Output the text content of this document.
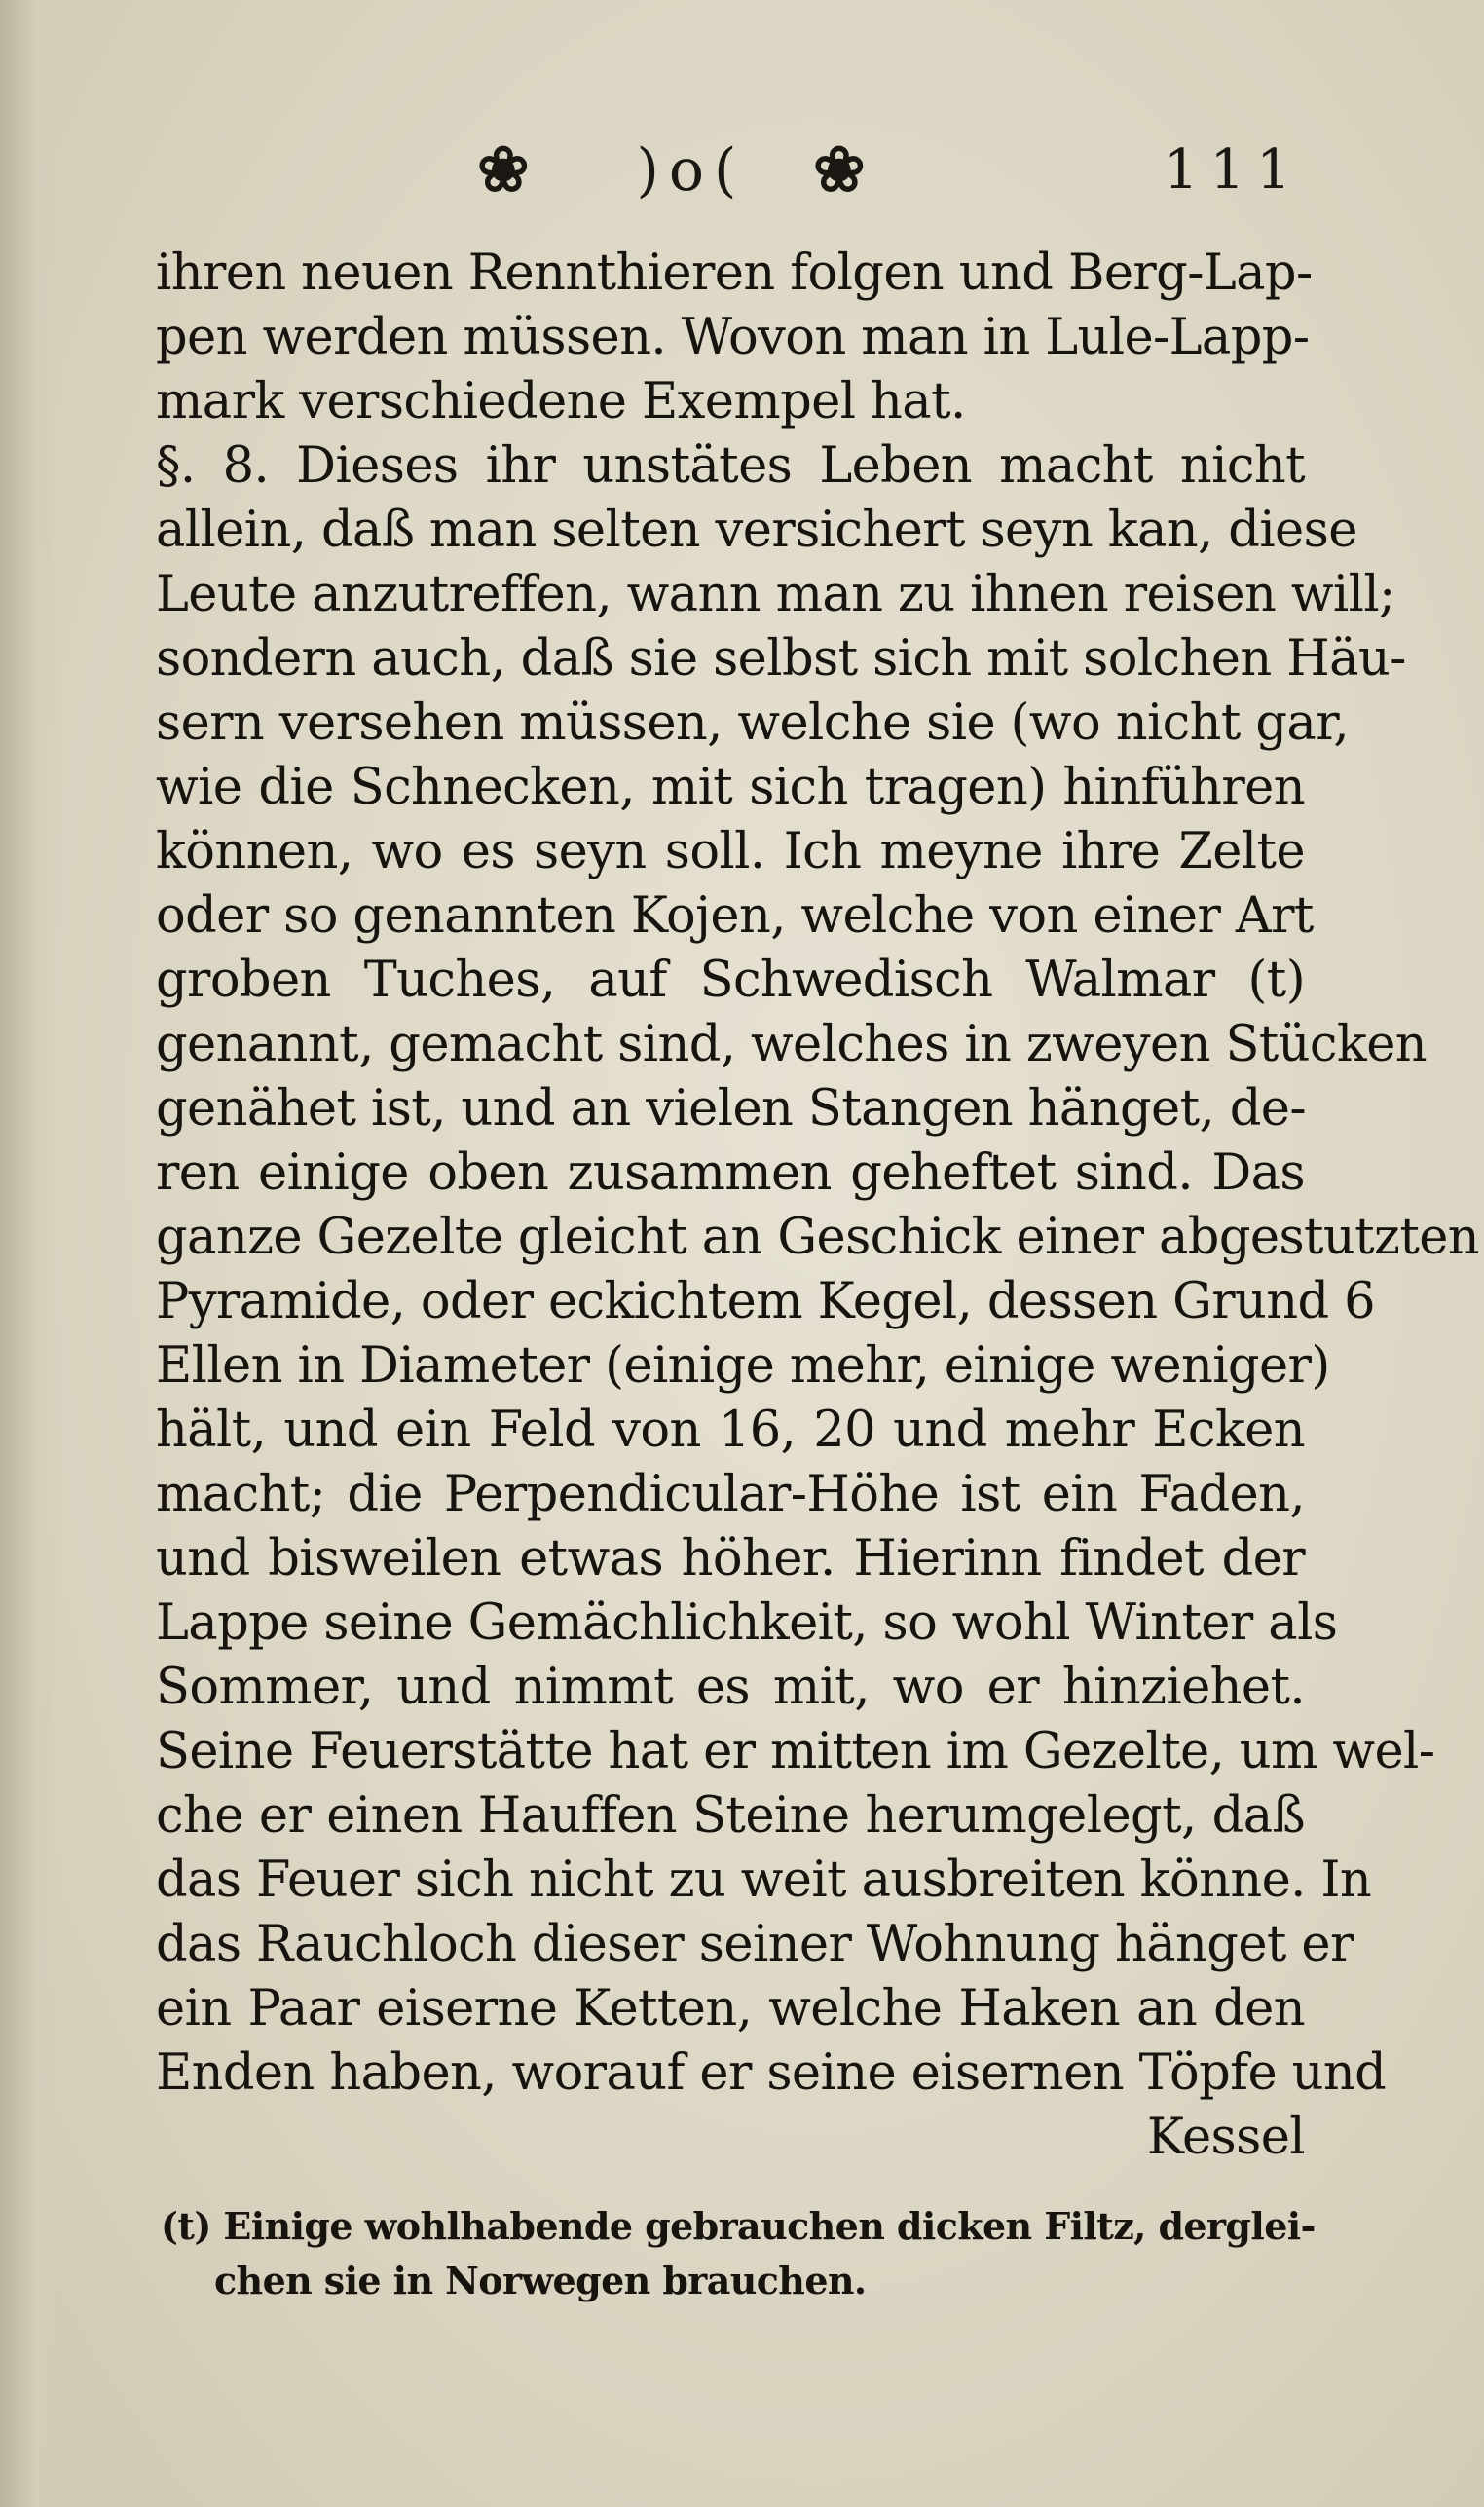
❀	)o(	❀	111
ihren neuen Rennthieren folgen und Berg-Lap-
pen werden müssen. Wovon man in Lule-Lapp-
mark verschiedene Exempel hat.
§. 8. Dieses ihr unstätes Leben macht nicht
allein, daß man selten versichert seyn kan, diese
Leute anzutreffen, wann man zu ihnen reisen will;
sondern auch, daß sie selbst sich mit solchen Häu-
sern versehen müssen, welche sie (wo nicht gar,
wie die Schnecken, mit sich tragen) hinführen
können, wo es seyn soll. Ich meyne ihre Zelte
oder so genannten Kojen, welche von einer Art
groben Tuches, auf Schwedisch Walmar (t)
genannt, gemacht sind, welches in zweyen Stücken
genähet ist, und an vielen Stangen hänget, de-
ren einige oben zusammen geheftet sind. Das
ganze Gezelte gleicht an Geschick einer abgestutzten
Pyramide, oder eckichtem Kegel, dessen Grund 6
Ellen in Diameter (einige mehr, einige weniger)
hält, und ein Feld von 16, 20 und mehr Ecken
macht; die Perpendicular-Höhe ist ein Faden,
und bisweilen etwas höher. Hierinn findet der
Lappe seine Gemächlichkeit, so wohl Winter als
Sommer, und nimmt es mit, wo er hinziehet.
Seine Feuerstätte hat er mitten im Gezelte, um wel-
che er einen Hauffen Steine herumgelegt, daß
das Feuer sich nicht zu weit ausbreiten könne. In
das Rauchloch dieser seiner Wohnung hänget er
ein Paar eiserne Ketten, welche Haken an den
Enden haben, worauf er seine eisernen Töpfe und
Kessel
(t) Einige wohlhabende gebrauchen dicken Filtz, derglei-
chen sie in Norwegen brauchen.
